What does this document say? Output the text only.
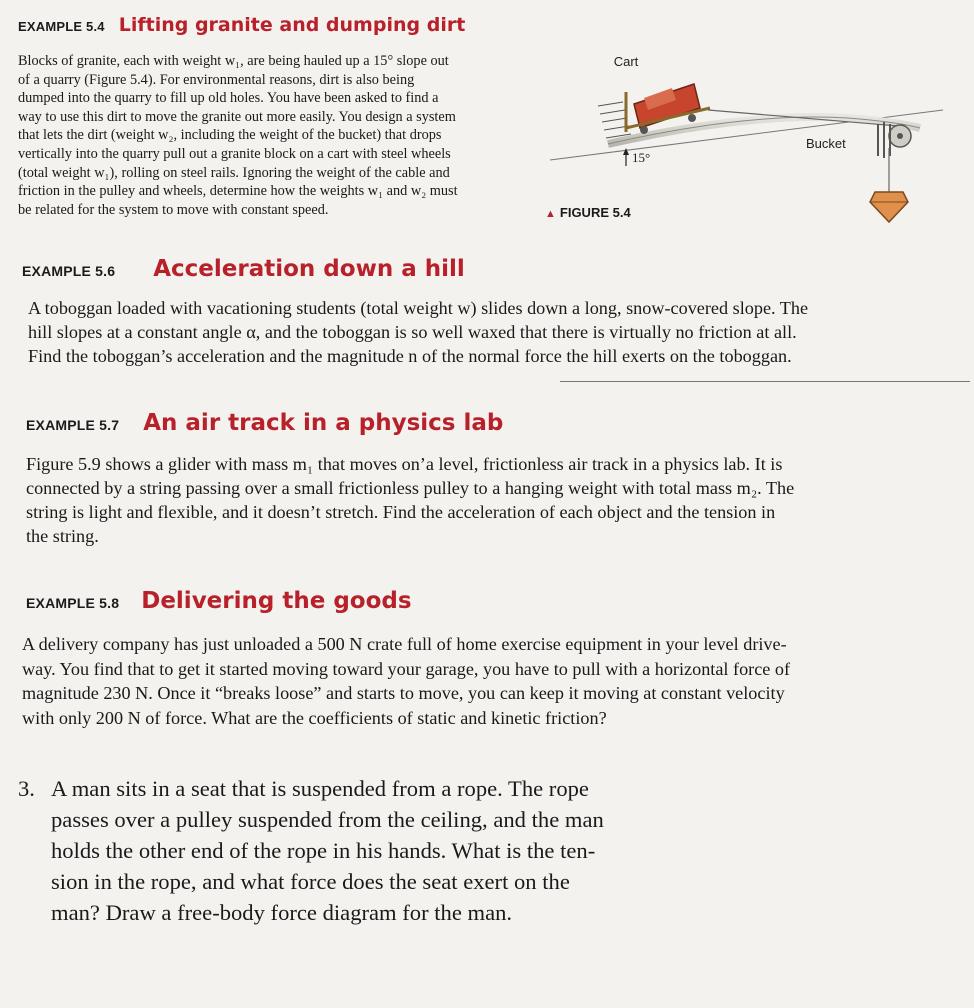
EXAMPLE 5.4 Lifting granite and dumping dirt
Blocks of granite, each with weight w₁, are being hauled up a 15° slope out
of a quarry (Figure 5.4). For environmental reasons, dirt is also being
dumped into the quarry to fill up old holes. You have been asked to find a
way to use this dirt to move the granite out more easily. You design a system
that lets the dirt (weight w₂, including the weight of the bucket) that drops
vertically into the quarry pull out a granite block on a cart with steel wheels
(total weight w₁), rolling on steel rails. Ignoring the weight of the cable and
friction in the pulley and wheels, determine how the weights w₁ and w₂ must
be related for the system to move with constant speed.
Cart
Bucket
15°
▲ FIGURE 5.4
EXAMPLE 5.6 Acceleration down a hill
A toboggan loaded with vacationing students (total weight w) slides down a long, snow-covered slope. The
hill slopes at a constant angle α, and the toboggan is so well waxed that there is virtually no friction at all.
Find the toboggan’s acceleration and the magnitude n of the normal force the hill exerts on the toboggan.
EXAMPLE 5.7 An air track in a physics lab
Figure 5.9 shows a glider with mass m₁ that moves on’a level, frictionless air track in a physics lab. It is
connected by a string passing over a small frictionless pulley to a hanging weight with total mass m₂. The
string is light and flexible, and it doesn’t stretch. Find the acceleration of each object and the tension in
the string.
EXAMPLE 5.8 Delivering the goods
A delivery company has just unloaded a 500 N crate full of home exercise equipment in your level drive-
way. You find that to get it started moving toward your garage, you have to pull with a horizontal force of
magnitude 230 N. Once it “breaks loose” and starts to move, you can keep it moving at constant velocity
with only 200 N of force. What are the coefficients of static and kinetic friction?
3. A man sits in a seat that is suspended from a rope. The rope
passes over a pulley suspended from the ceiling, and the man
holds the other end of the rope in his hands. What is the ten-
sion in the rope, and what force does the seat exert on the
man? Draw a free-body force diagram for the man.
